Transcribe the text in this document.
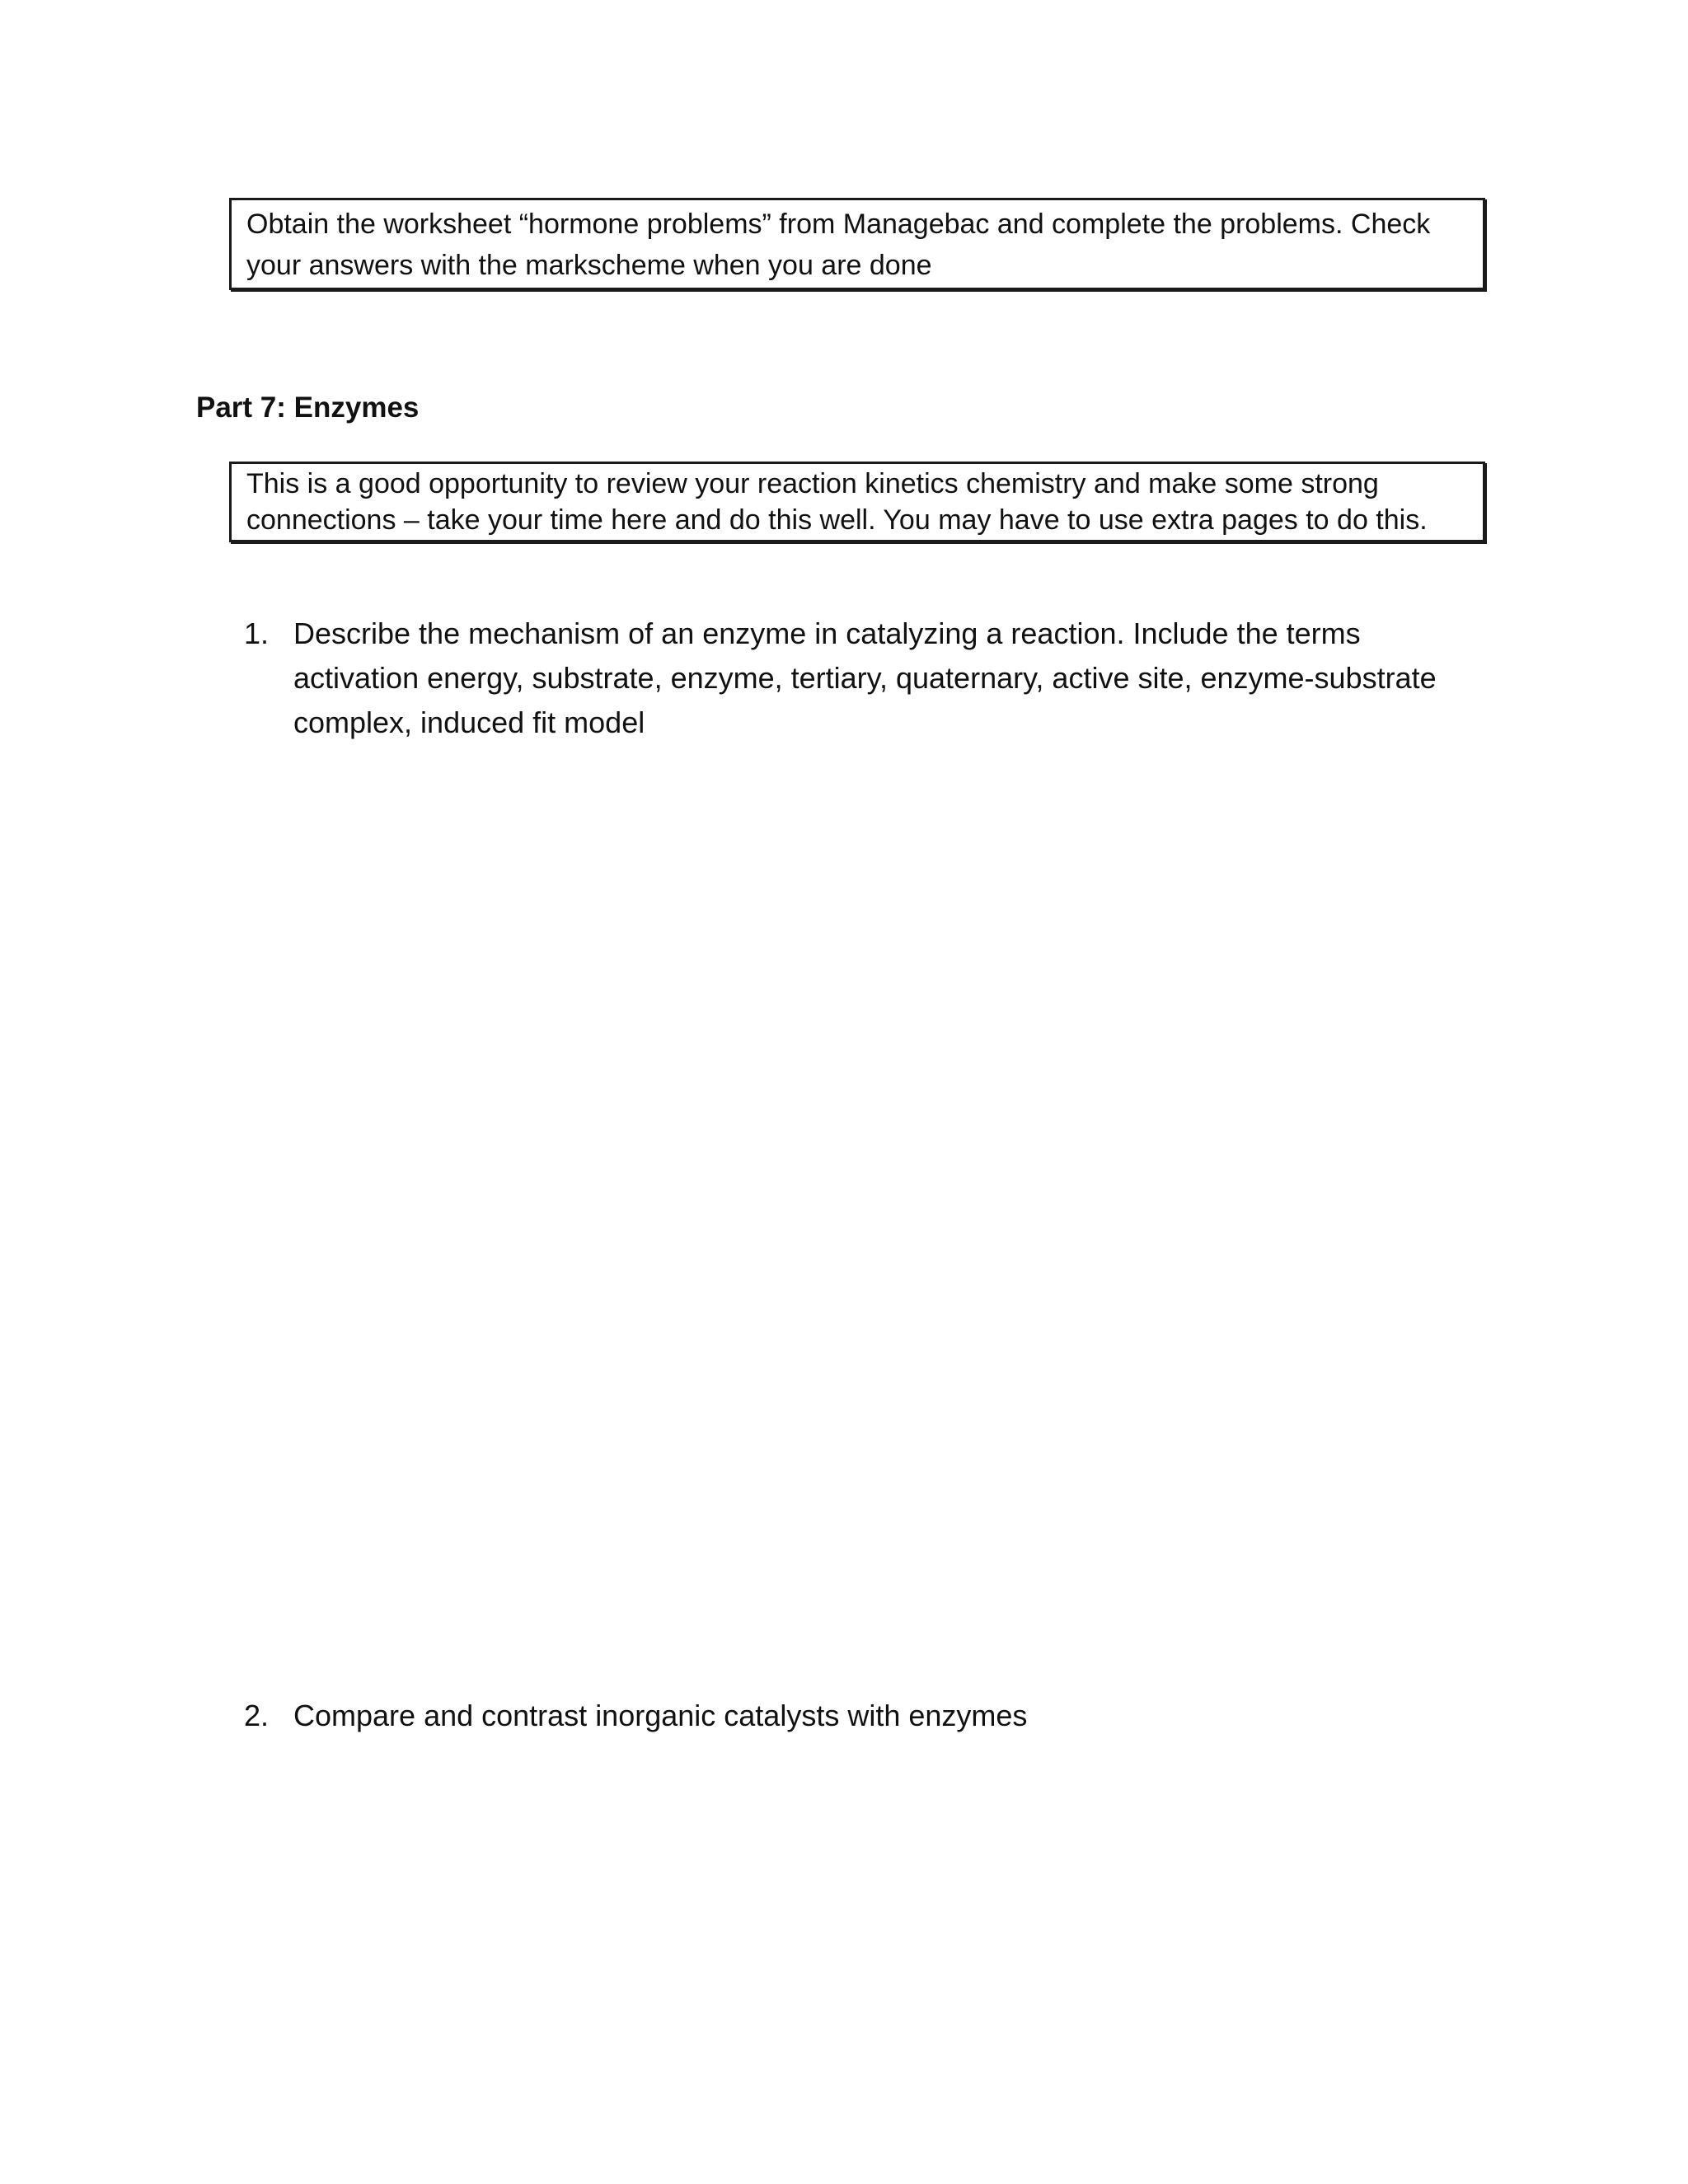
Obtain the worksheet “hormone problems” from Managebac and complete the problems. Check your answers with the markscheme when you are done

Part 7: Enzymes

This is a good opportunity to review your reaction kinetics chemistry and make some strong connections – take your time here and do this well. You may have to use extra pages to do this.

1. Describe the mechanism of an enzyme in catalyzing a reaction. Include the terms activation energy, substrate, enzyme, tertiary, quaternary, active site, enzyme-substrate complex, induced fit model
2. Compare and contrast inorganic catalysts with enzymes
